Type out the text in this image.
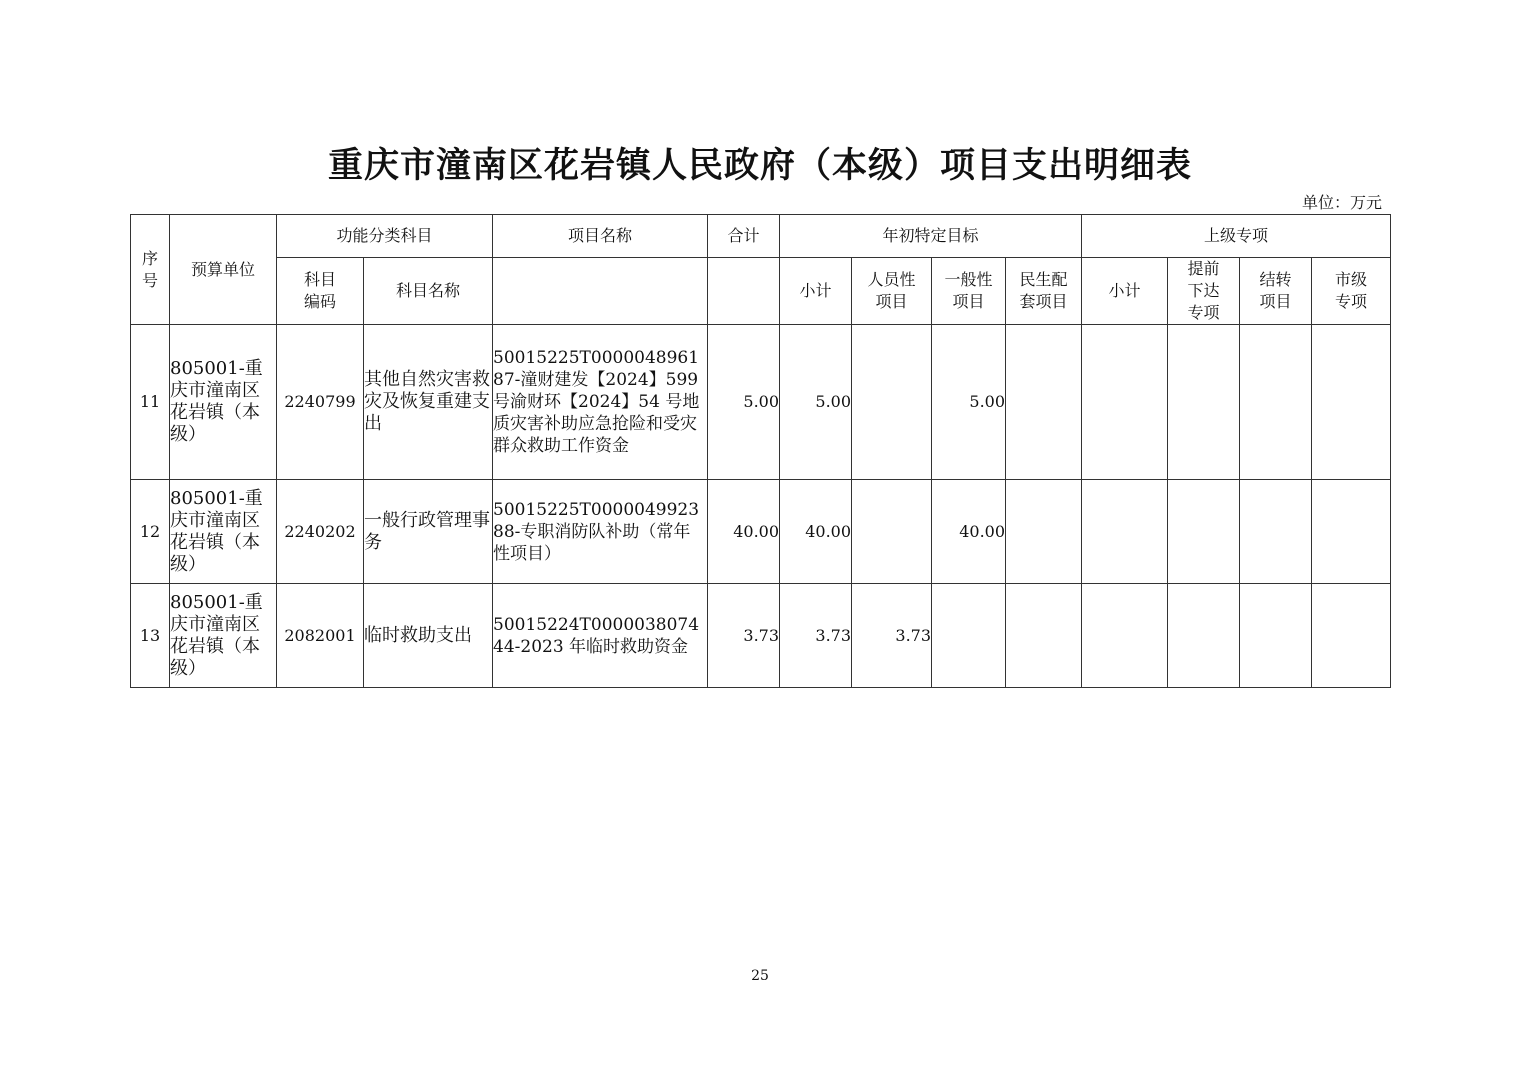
重庆市潼南区花岩镇人民政府（本级）项目支出明细表
单位：万元
序号	预算单位	功能分类科目		项目名称	合计	年初特定目标				上级专项			
		科目编码	科目名称			小计	人员性项目	一般性项目	民生配套项目	小计	提前下达专项	结转项目	市级专项
11	805001-重庆市潼南区花岩镇（本级）	2240799	其他自然灾害救灾及恢复重建支出	50015225T000004896187-潼财建发【2024】599 号渝财环【2024】54 号地质灾害补助应急抢险和受灾群众救助工作资金	5.00	5.00		5.00					
12	805001-重庆市潼南区花岩镇（本级）	2240202	一般行政管理事务	50015225T000004992388-专职消防队补助（常年性项目）	40.00	40.00		40.00					
13	805001-重庆市潼南区花岩镇（本级）	2082001	临时救助支出	50015224T000003807444-2023 年临时救助资金	3.73	3.73	3.73						
25
